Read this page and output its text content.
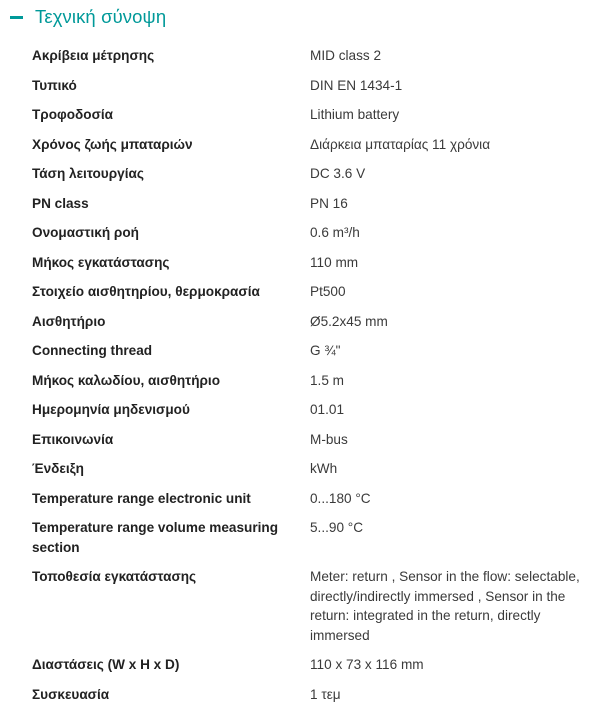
Τεχνική σύνοψη
Ακρίβεια μέτρησης	MID class 2
Τυπικό	DIN EN 1434-1
Τροφοδοσία	Lithium battery
Χρόνος ζωής μπαταριών	Διάρκεια μπαταρίας 11 χρόνια
Τάση λειτουργίας	DC 3.6 V
PN class	PN 16
Ονομαστική ροή	0.6 m³/h
Μήκος εγκατάστασης	110 mm
Στοιχείο αισθητηρίου, θερμοκρασία	Pt500
Αισθητήριο	Ø5.2x45 mm
Connecting thread	G ¾"
Μήκος καλωδίου, αισθητήριο	1.5 m
Ημερομηνία μηδενισμού	01.01
Επικοινωνία	M-bus
Ένδειξη	kWh
Temperature range electronic unit	0...180 °C
Temperature range volume measuring section	5...90 °C
Τοποθεσία εγκατάστασης	Meter: return , Sensor in the flow: selectable, directly/indirectly immersed , Sensor in the return: integrated in the return, directly immersed
Διαστάσεις (W x H x D)	110 x 73 x 116 mm
Συσκευασία	1 τεμ
